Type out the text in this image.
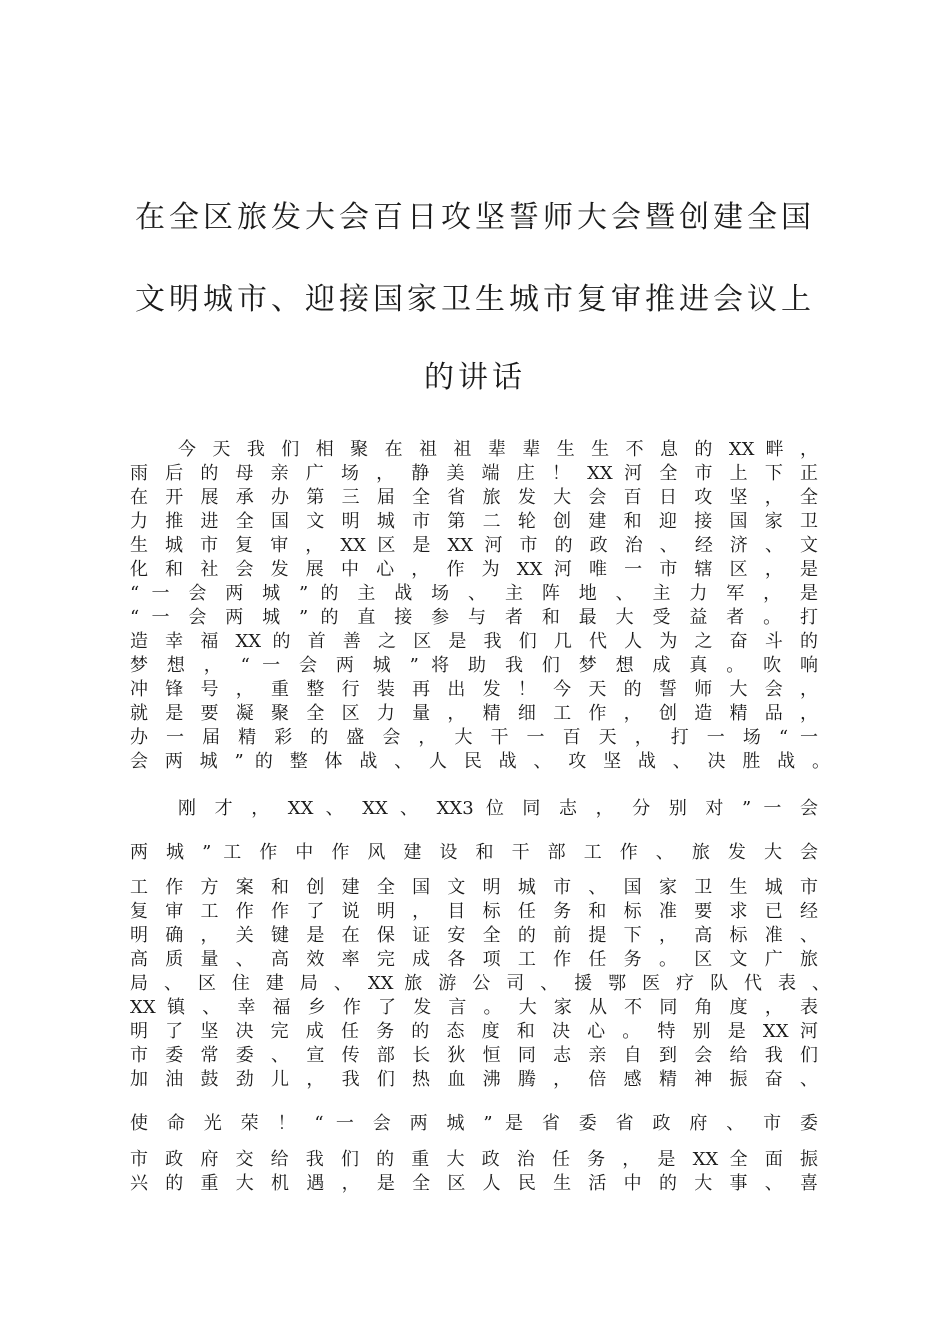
在全区旅发大会百日攻坚誓师大会暨创建全国
文明城市、迎接国家卫生城市复审推进会议上
的讲话
今 天 我 们 相 聚 在 祖 祖 辈 辈 生 生 不 息 的 XX 畔 ，
雨 后 的 母 亲 广 场 ， 静 美 端 庄 ！ XX 河 全 市 上 下 正
在 开 展 承 办 第 三 届 全 省 旅 发 大 会 百 日 攻 坚 ， 全
力 推 进 全 国 文 明 城 市 第 二 轮 创 建 和 迎 接 国 家 卫
生 城 市 复 审 ， XX 区 是 XX 河 市 的 政 治 、 经 济 、 文
化 和 社 会 发 展 中 心 ， 作 为 XX 河 唯 一 市 辖 区 ， 是
“ 一 会 两 城 ” 的 主 战 场 、 主 阵 地 、 主 力 军 ， 是
“ 一 会 两 城 ” 的 直 接 参 与 者 和 最 大 受 益 者 。 打
造 幸 福 XX 的 首 善 之 区 是 我 们 几 代 人 为 之 奋 斗 的
梦 想 ， “ 一 会 两 城 ” 将 助 我 们 梦 想 成 真 。 吹 响
冲 锋 号 ， 重 整 行 装 再 出 发 ！ 今 天 的 誓 师 大 会 ，
就 是 要 凝 聚 全 区 力 量 ， 精 细 工 作 ， 创 造 精 品 ，
办 一 届 精 彩 的 盛 会 ， 大 干 一 百 天 ， 打 一 场 “ 一
会 两 城 ” 的 整 体 战 、 人 民 战 、 攻 坚 战 、 决 胜 战 。
刚 才 ， XX 、 XX 、 XX3 位 同 志 ， 分 别 对 ” 一 会
两 城 ” 工 作 中 作 风 建 设 和 干 部 工 作 、 旅 发 大 会
工 作 方 案 和 创 建 全 国 文 明 城 市 、 国 家 卫 生 城 市
复 审 工 作 作 了 说 明 ， 目 标 任 务 和 标 准 要 求 已 经
明 确 ， 关 键 是 在 保 证 安 全 的 前 提 下 ， 高 标 准 、
高 质 量 、 高 效 率 完 成 各 项 工 作 任 务 。 区 文 广 旅
局 、 区 住 建 局 、 XX 旅 游 公 司 、 援 鄂 医 疗 队 代 表 、
XX 镇 、 幸 福 乡 作 了 发 言 。 大 家 从 不 同 角 度 ， 表
明 了 坚 决 完 成 任 务 的 态 度 和 决 心 。 特 别 是 XX 河
市 委 常 委 、 宣 传 部 长 狄 恒 同 志 亲 自 到 会 给 我 们
加 油 鼓 劲 儿 ， 我 们 热 血 沸 腾 ， 倍 感 精 神 振 奋 、
使 命 光 荣 ！ “ 一 会 两 城 ” 是 省 委 省 政 府 、 市 委
市 政 府 交 给 我 们 的 重 大 政 治 任 务 ， 是 XX 全 面 振
兴 的 重 大 机 遇 ， 是 全 区 人 民 生 活 中 的 大 事 、 喜
